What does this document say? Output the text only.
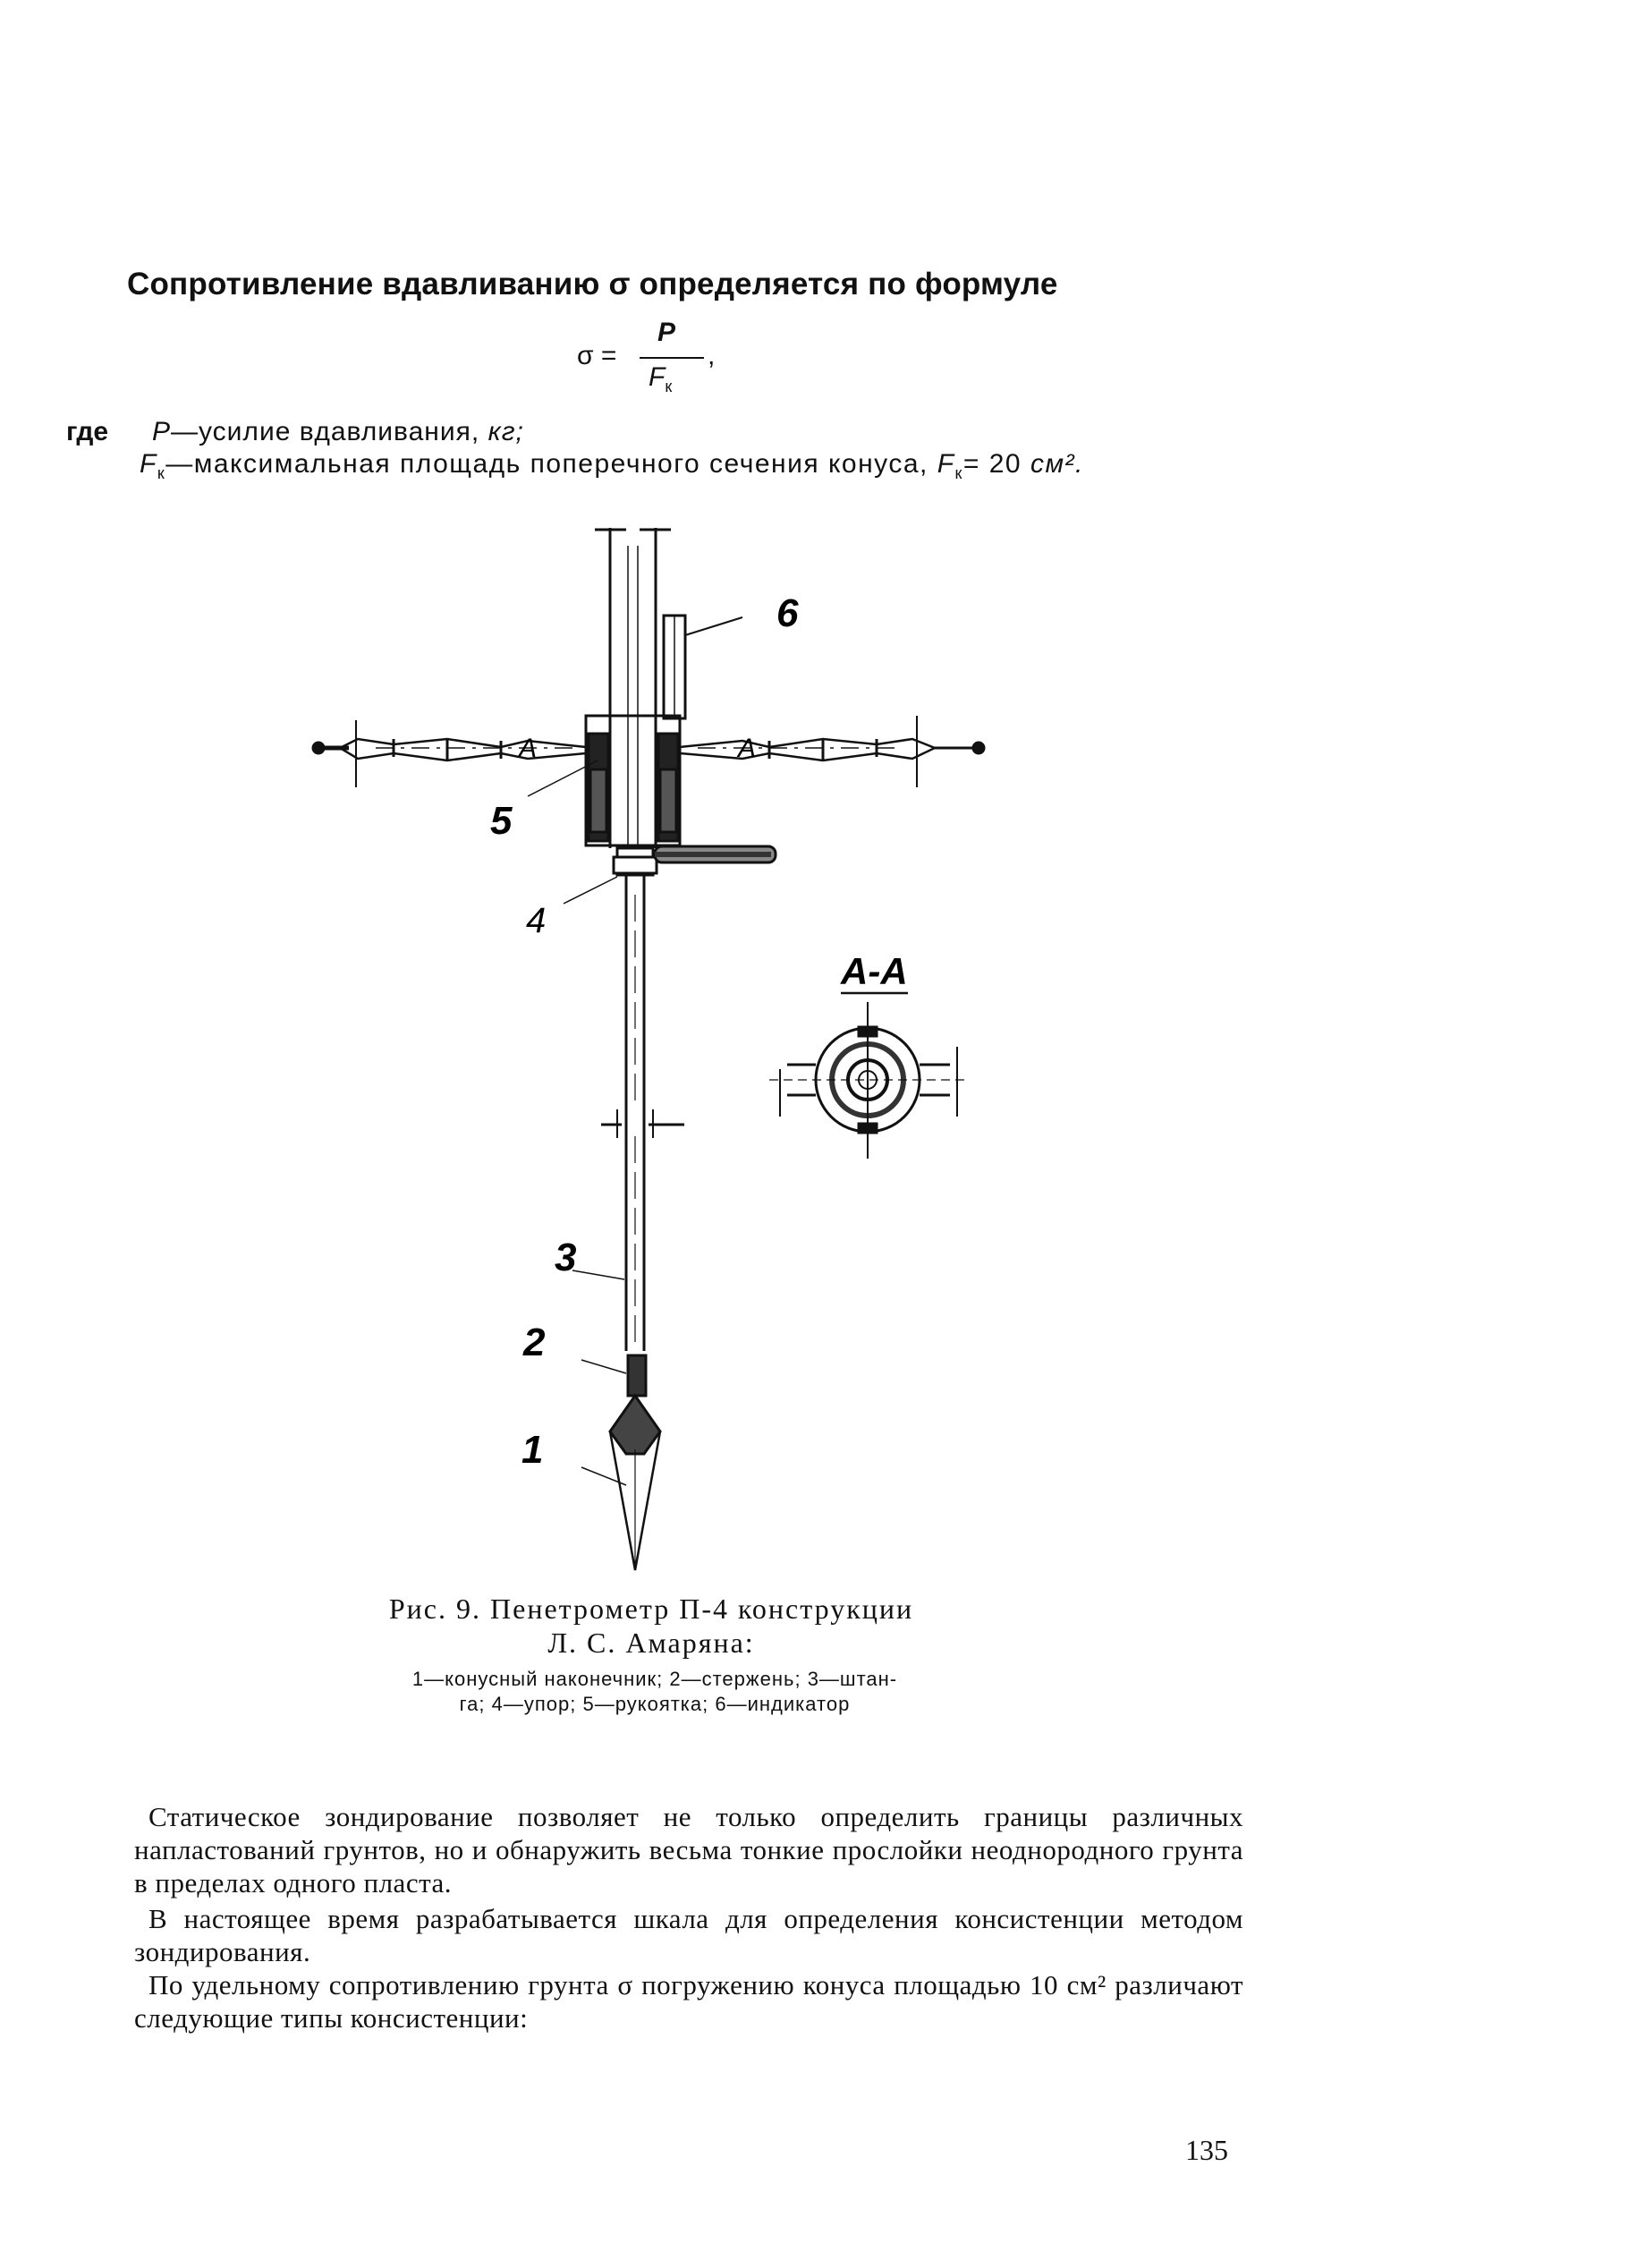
Сопротивление вдавливанию σ определяется по формуле
σ =
P
$F_к$
,
где P—усилие вдавливания, кг;
$F_к—максимальная$ площадь поперечного сечения конуса, $F_к= 20$ см².
6
5
4
3
2
1
А	А
А-А
Рис. 9. Пенетрометр П-4 конструкции
Л. С. Амаряна:
1—конусный наконечник; 2—стержень; 3—штан-
га; 4—упор; 5—рукоятка; 6—индикатор
Статическое зондирование позволяет не только определить границы различных напластований грунтов, но и обнаружить весьма тонкие прослойки неоднородного грунта в пределах одного пласта.
В настоящее время разрабатывается шкала для определения консистенции методом зондирования.
По удельному сопротивлению грунта σ погружению конуса площадью 10 см² различают следующие типы консистенции:
135
